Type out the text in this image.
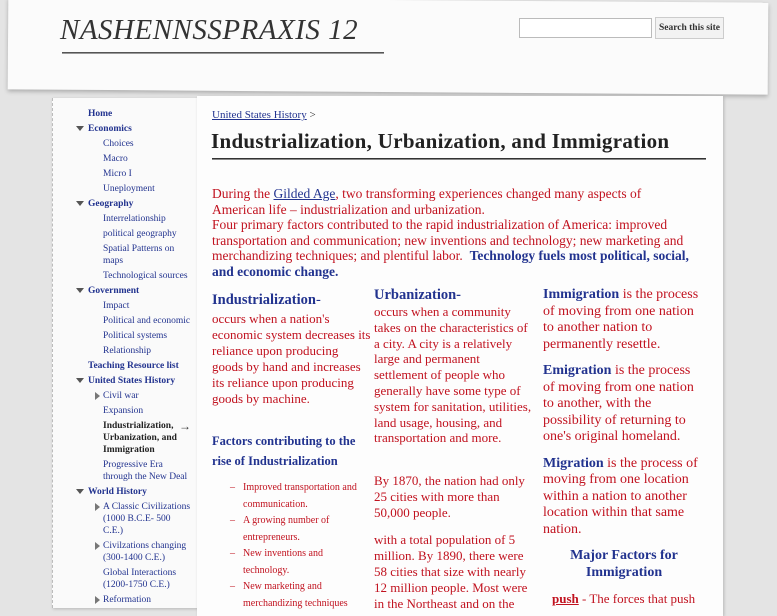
NASHENNSSPRAXIS 12	Search this site
Home
Economics
Choices
Macro
Micro I
Uneployment
Geography
Interrelationship
political geography
Spatial Patterns on maps
Technological sources
Government
Impact
Political and economic
Political systems
Relationship
Teaching Resource list
United States History
Civil war
Expansion
→
Industrialization, Urbanization, and Immigration
Progressive Era through the New Deal
World History
A Classic Civilizations (1000 B.C.E- 500 C.E.)
Civilzations changing (300-1400 C.E.)
Global Interactions (1200-1750 C.E.)
Reformation
United States History >
Industrialization, Urbanization, and Immigration

During the Gilded Age, two transforming experiences changed many aspects of American life – industrialization and urbanization.
Four primary factors contributed to the rapid industrialization of America: improved transportation and communication; new inventions and technology; new marketing and merchandizing techniques; and plentiful labor. Technology fuels most political, social, and economic change.

Industrialization-
occurs when a nation's economic system decreases its reliance upon producing goods by hand and increases its reliance upon producing goods by machine.
Factors contributing to the rise of Industrialization
– Improved transportation and communication.
– A growing number of entrepreneurs.
– New inventions and technology.
– New marketing and merchandizing techniques
Urbanization-
occurs when a community takes on the characteristics of a city. A city is a relatively large and permanent settlement of people who generally have some type of system for sanitation, utilities, land usage, housing, and transportation and more.
By 1870, the nation had only 25 cities with more than 50,000 people.
with a total population of 5 million. By 1890, there were 58 cities that size with nearly 12 million people. Most were in the Northeast and on the
Immigration is the process of moving from one nation to another nation to permanently resettle.
Emigration is the process of moving from one nation to another, with the possibility of returning to one's original homeland.
Migration is the process of moving from one location within a nation to another location within that same nation.
Major Factors for Immigration
push - The forces that push
